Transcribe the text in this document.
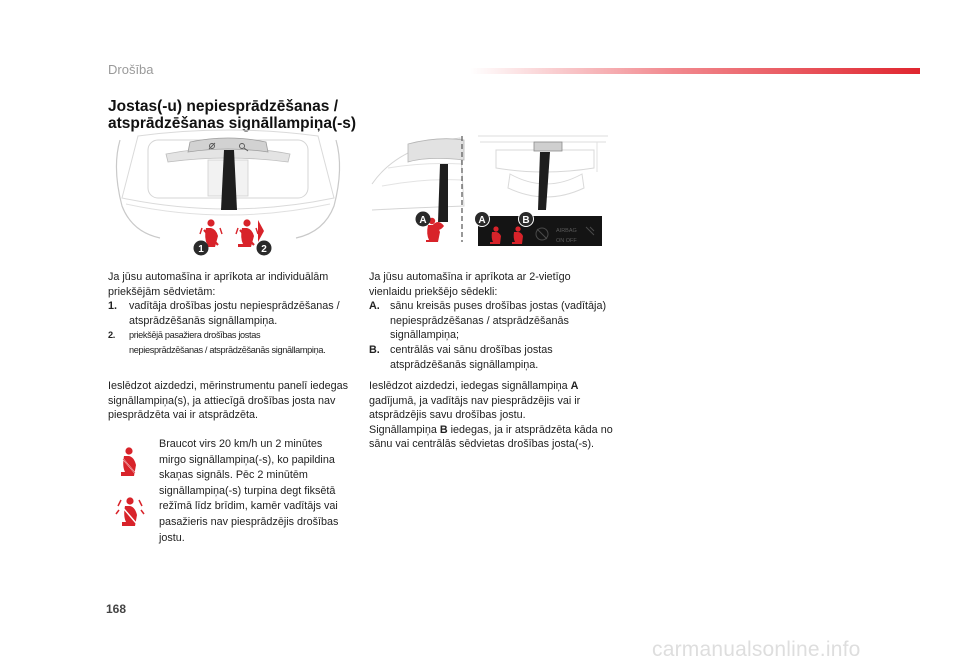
Drošība
Jostas(-u) nepiesprādzēšanas /
atsprādzēšanas signāllampiņa(-s)
1	2
A	A	B
AIRBAG
ON OFF
Ja jūsu automašīna ir aprīkota ar individuālām priekšējām sēdvietām:
1. vadītāja drošības jostu nepiesprādzēšanas / atsprādzēšanās signāllampiņa.
2. priekšējā pasažiera drošības jostas
nepiesprādzēšanas / atsprādzēšanās signāllampiņa.
Ieslēdzot aizdedzi, mērinstrumentu panelī iedegas signāllampiņa(s), ja attiecīgā drošības josta nav piesprādzēta vai ir atsprādzēta.
Braucot virs 20 km/h un 2 minūtes mirgo signāllampiņa(-s), ko papildina skaņas signāls. Pēc 2 minūtēm signāllampiņa(-s) turpina degt fiksētā režīmā līdz brīdim, kamēr vadītājs vai pasažieris nav piesprādzējis drošības jostu.
Ja jūsu automašīna ir aprīkota ar 2-vietīgo vienlaidu priekšējo sēdekli:
A. sānu kreisās puses drošības jostas (vadītāja) nepiesprādzēšanas / atsprādzēšanās signāllampiņa;
B. centrālās vai sānu drošības jostas atsprādzēšanās signāllampiņa.
Ieslēdzot aizdedzi, iedegas signāllampiņa A gadījumā, ja vadītājs nav piesprādzējis vai ir atsprādzējis savu drošības jostu.
Signāllampiņa B iedegas, ja ir atsprādzēta kāda no sānu vai centrālās sēdvietas drošības josta(-s).
168
carmanualsonline.info
